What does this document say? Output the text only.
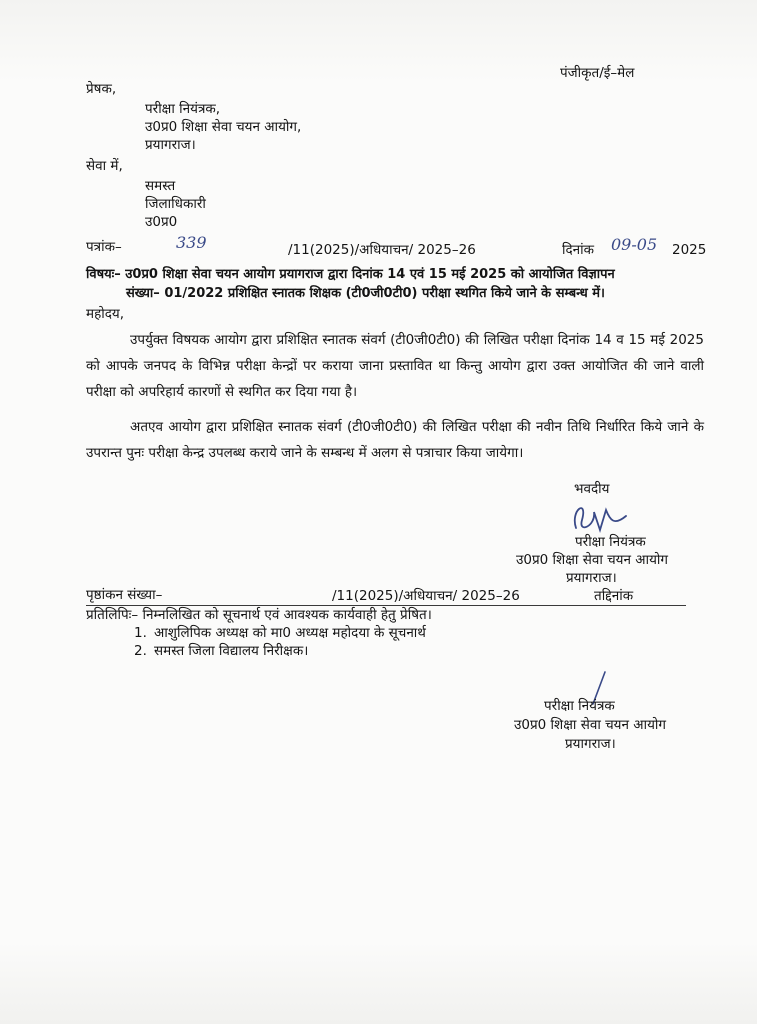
पंजीकृत/ई–मेल
प्रेषक,
परीक्षा नियंत्रक,
उ0प्र0 शिक्षा सेवा चयन आयोग,
प्रयागराज।
सेवा में,
समस्त
जिलाधिकारी
उ0प्र0
पत्रांक–	339	/11(2025)/अधियाचन/ 2025–26	दिनांक 09-05 2025
विषयः– उ0प्र0 शिक्षा सेवा चयन आयोग प्रयागराज द्वारा दिनांक 14 एवं 15 मई 2025 को आयोजित विज्ञापन
संख्या– 01/2022 प्रशिक्षित स्नातक शिक्षक (टी0जी0टी0) परीक्षा स्थगित किये जाने के सम्बन्ध में।
महोदय,
उपर्युक्त विषयक आयोग द्वारा प्रशिक्षित स्नातक संवर्ग (टी0जी0टी0) की लिखित परीक्षा दिनांक 14 व 15 मई 2025 को आपके जनपद के विभिन्न परीक्षा केन्द्रों पर कराया जाना प्रस्तावित था किन्तु आयोग द्वारा उक्त आयोजित की जाने वाली परीक्षा को अपरिहार्य कारणों से स्थगित कर दिया गया है।
अतएव आयोग द्वारा प्रशिक्षित स्नातक संवर्ग (टी0जी0टी0) की लिखित परीक्षा की नवीन तिथि निर्धारित किये जाने के उपरान्त पुनः परीक्षा केन्द्र उपलब्ध कराये जाने के सम्बन्ध में अलग से पत्राचार किया जायेगा।
भवदीय
परीक्षा नियंत्रक
उ0प्र0 शिक्षा सेवा चयन आयोग
प्रयागराज।
पृष्ठांकन संख्या–	/11(2025)/अधियाचन/ 2025–26	तद्दिनांक
प्रतिलिपिः– निम्नलिखित को सूचनार्थ एवं आवश्यक कार्यवाही हेतु प्रेषित।
1. आशुलिपिक अध्यक्ष को मा0 अध्यक्ष महोदया के सूचनार्थ
2. समस्त जिला विद्यालय निरीक्षक।
परीक्षा नियंत्रक
उ0प्र0 शिक्षा सेवा चयन आयोग
प्रयागराज।
